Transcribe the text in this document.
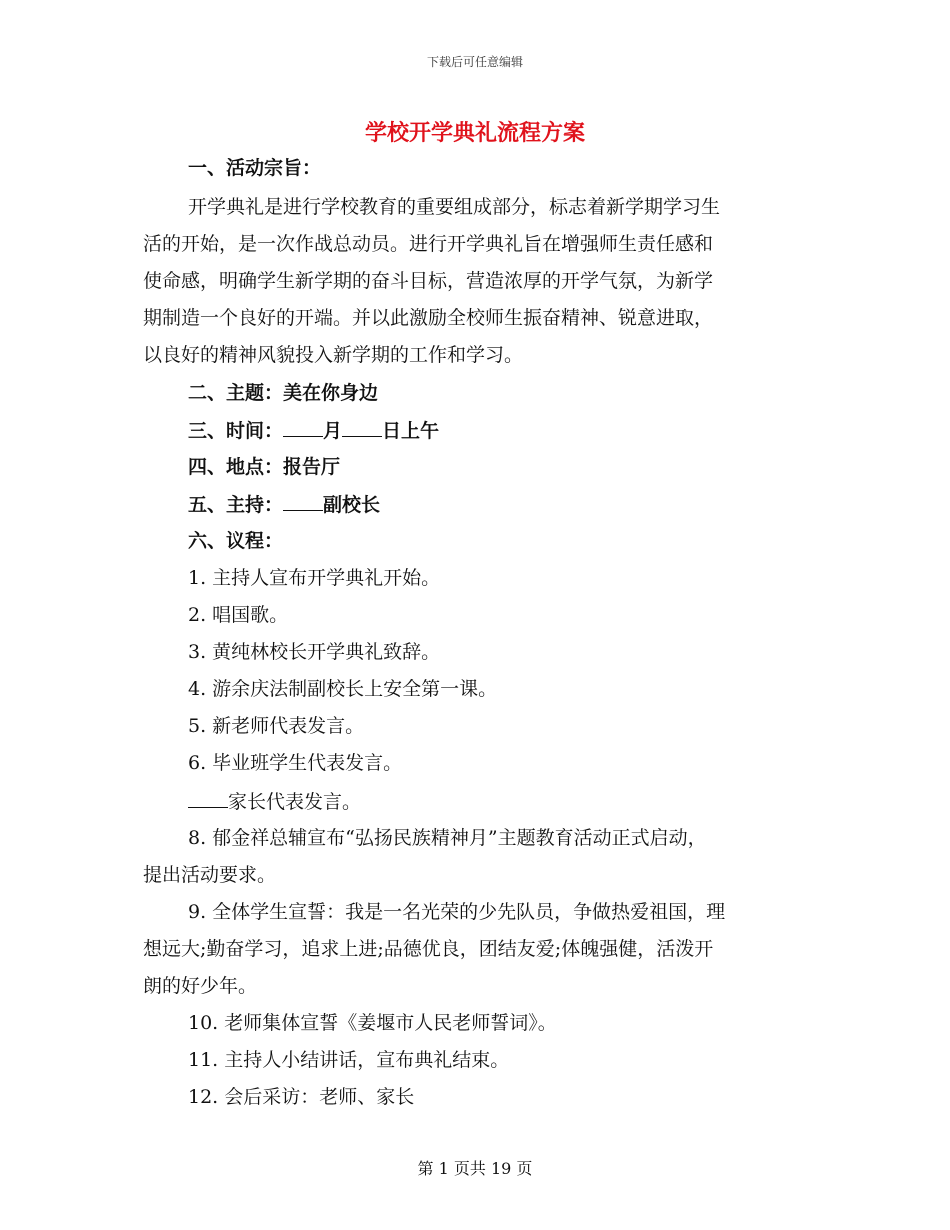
下载后可任意编辑
学校开学典礼流程方案
一、活动宗旨：
开学典礼是进行学校教育的重要组成部分，标志着新学期学习生
活的开始，是一次作战总动员。进行开学典礼旨在增强师生责任感和
使命感，明确学生新学期的奋斗目标，营造浓厚的开学气氛，为新学
期制造一个良好的开端。并以此激励全校师生振奋精神、锐意进取，
以良好的精神风貌投入新学期的工作和学习。
二、主题：美在你身边
三、时间： 月 日上午
四、地点：报告厅
五、主持： 副校长
六、议程：
1. 主持人宣布开学典礼开始。
2. 唱国歌。
3. 黄纯林校长开学典礼致辞。
4. 游余庆法制副校长上安全第一课。
5. 新老师代表发言。
6. 毕业班学生代表发言。
家长代表发言。
8. 郁金祥总辅宣布“弘扬民族精神月”主题教育活动正式启动，
提出活动要求。
9. 全体学生宣誓：我是一名光荣的少先队员，争做热爱祖国，理
想远大;勤奋学习，追求上进;品德优良，团结友爱;体魄强健，活泼开
朗的好少年。
10. 老师集体宣誓《姜堰市人民老师誓词》。
11. 主持人小结讲话，宣布典礼结束。
12. 会后采访：老师、家长
第 1 页共 19 页
